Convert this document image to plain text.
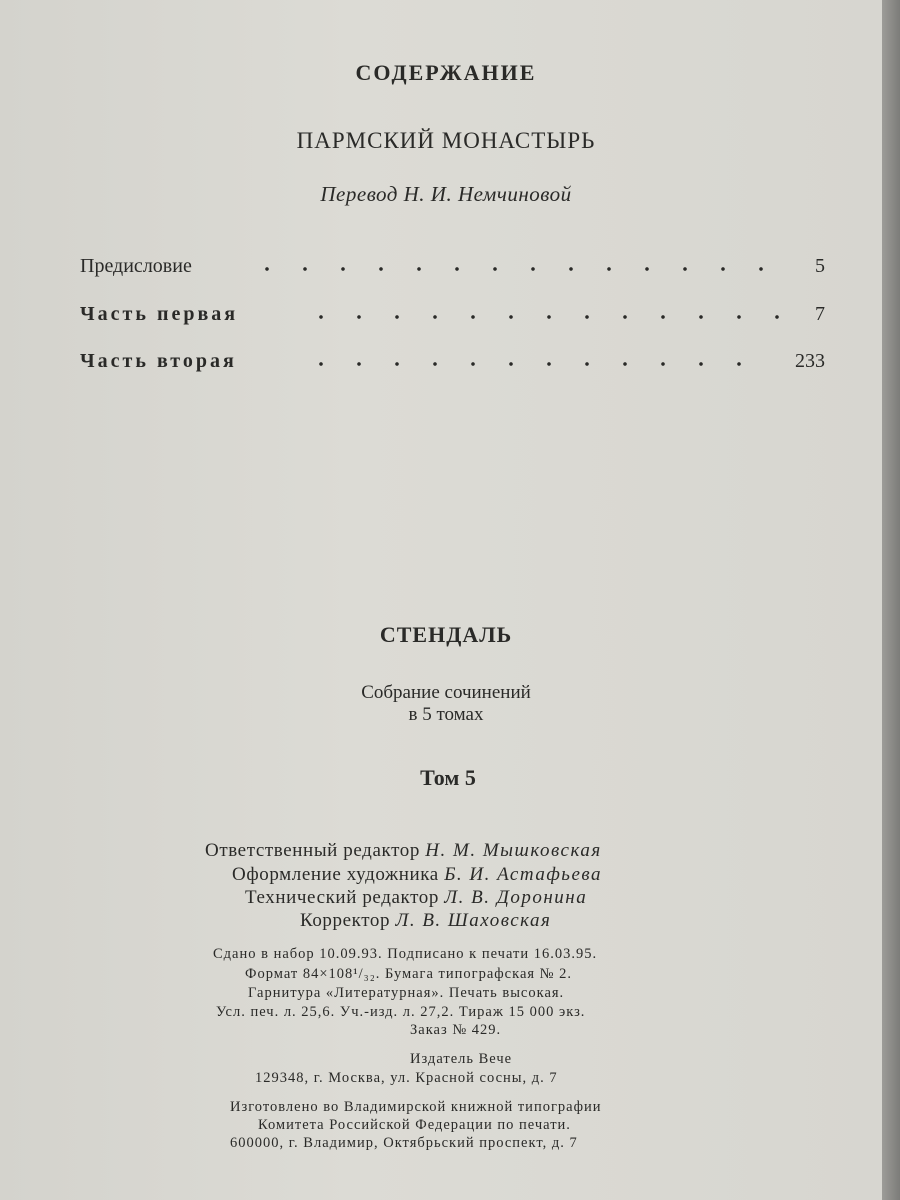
СОДЕРЖАНИЕ
ПАРМСКИЙ МОНАСТЫРЬ
Перевод Н. И. Немчиновой
Предисловие	5
Часть первая	7
Часть вторая	233
СТЕНДАЛЬ
Собрание сочинений
в 5 томах
Том 5
Ответственный редактор Н. М. Мышковская
Оформление художника Б. И. Астафьева
Технический редактор Л. В. Доронина
Корректор Л. В. Шаховская
Сдано в набор 10.09.93. Подписано к печати 16.03.95.
Формат 84×108¹/₃₂. Бумага типографская № 2.
Гарнитура «Литературная». Печать высокая.
Усл. печ. л. 25,6. Уч.-изд. л. 27,2. Тираж 15 000 экз.
Заказ № 429.
Издатель Вече
129348, г. Москва, ул. Красной сосны, д. 7
Изготовлено во Владимирской книжной типографии
Комитета Российской Федерации по печати.
600000, г. Владимир, Октябрьский проспект, д. 7
